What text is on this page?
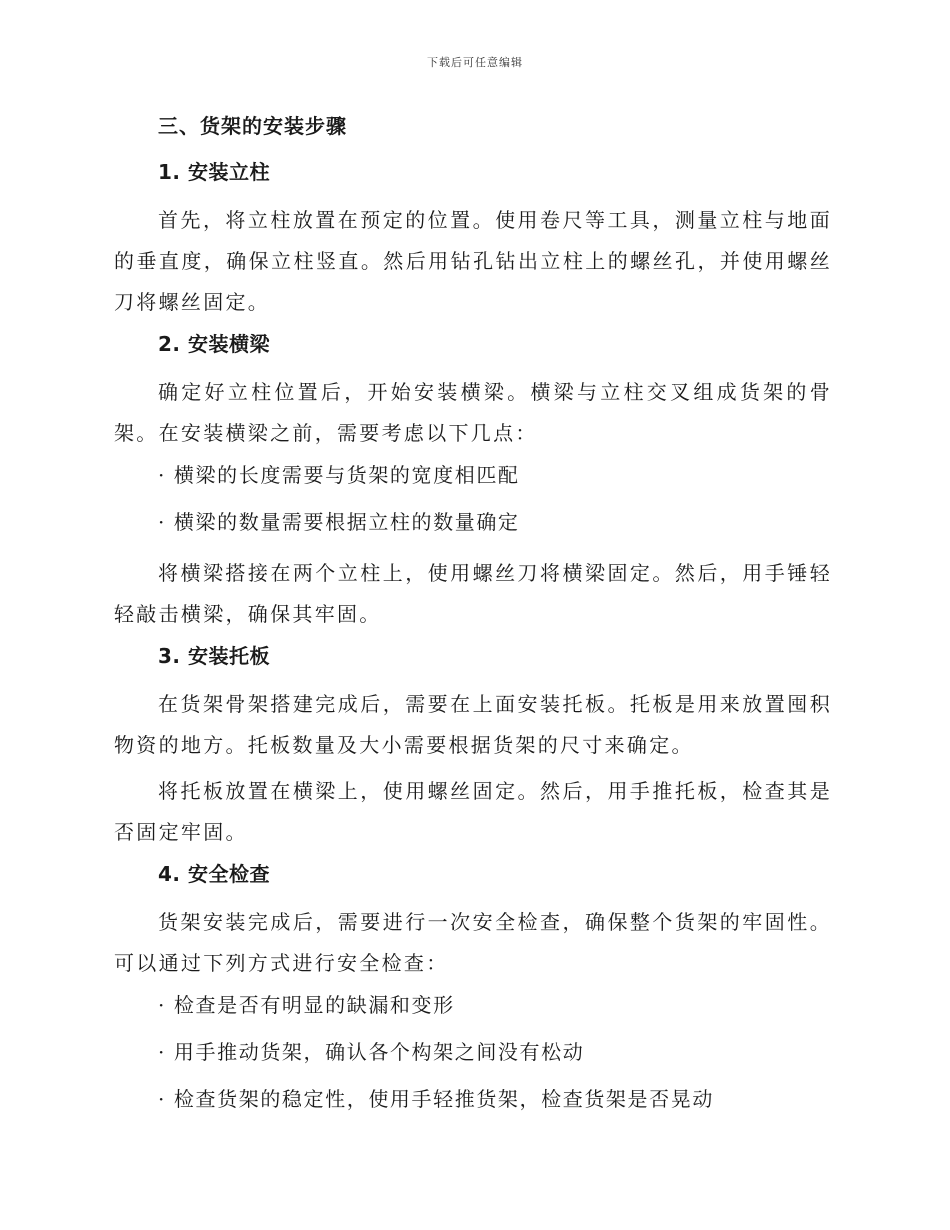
下载后可任意编辑
三、货架的安装步骤
1. 安装立柱

首先，将立柱放置在预定的位置。使用卷尺等工具，测量立柱与地面的垂直度，确保立柱竖直。然后用钻孔钻出立柱上的螺丝孔，并使用螺丝刀将螺丝固定。

2. 安装横梁

确定好立柱位置后，开始安装横梁。横梁与立柱交叉组成货架的骨架。在安装横梁之前，需要考虑以下几点：

· 横梁的长度需要与货架的宽度相匹配
· 横梁的数量需要根据立柱的数量确定

将横梁搭接在两个立柱上，使用螺丝刀将横梁固定。然后，用手锤轻轻敲击横梁，确保其牢固。

3. 安装托板

在货架骨架搭建完成后，需要在上面安装托板。托板是用来放置囤积物资的地方。托板数量及大小需要根据货架的尺寸来确定。

将托板放置在横梁上，使用螺丝固定。然后，用手推托板，检查其是否固定牢固。

4. 安全检查

货架安装完成后，需要进行一次安全检查，确保整个货架的牢固性。可以通过下列方式进行安全检查：

· 检查是否有明显的缺漏和变形
· 用手推动货架，确认各个构架之间没有松动
· 检查货架的稳定性，使用手轻推货架，检查货架是否晃动
